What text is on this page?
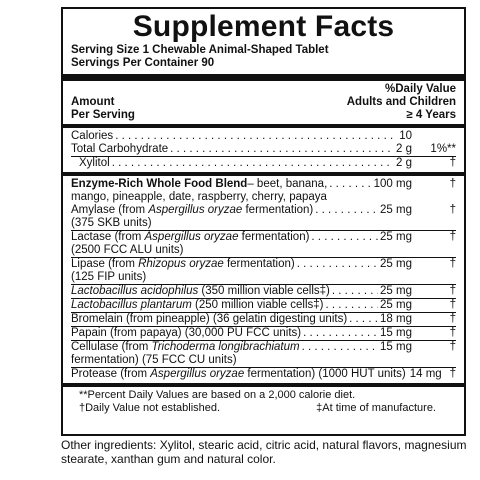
Supplement Facts
Serving Size 1 Chewable Animal-Shaped Tablet
Servings Per Container 90
Amount
Per Serving
%Daily Value
Adults and Children
≥ 4 Years
Calories . . .	10
Total Carbohydrate . . .	2 g	1%**
Xylitol . . .	2 g	†
Enzyme-Rich Whole Food Blend– beet, banana, . . .	100 mg	†
mango, pineapple, date, raspberry, cherry, papaya
Amylase (from Aspergillus oryzae fermentation) . . .	25 mg	†
(375 SKB units)
Lactase (from Aspergillus oryzae fermentation) . . .	25 mg	†
(2500 FCC ALU units)
Lipase (from Rhizopus oryzae fermentation) . . .	25 mg	†
(125 FIP units)
Lactobacillus acidophilus (350 million viable cells‡) . . .	25 mg	†
Lactobacillus plantarum (250 million viable cells‡) . . .	25 mg	†
Bromelain (from pineapple) (36 gelatin digesting units) . . .	18 mg	†
Papain (from papaya) (30,000 PU FCC units) . . .	15 mg	†
Cellulase (from Trichoderma longibrachiatum . . .	15 mg	†
fermentation) (75 FCC CU units)
Protease (from Aspergillus oryzae fermentation) (1000 HUT units) 14 mg †
**Percent Daily Values are based on a 2,000 calorie diet.
†Daily Value not established.	‡At time of manufacture.
Other ingredients: Xylitol, stearic acid, citric acid, natural flavors, magnesium stearate, xanthan gum and natural color.
